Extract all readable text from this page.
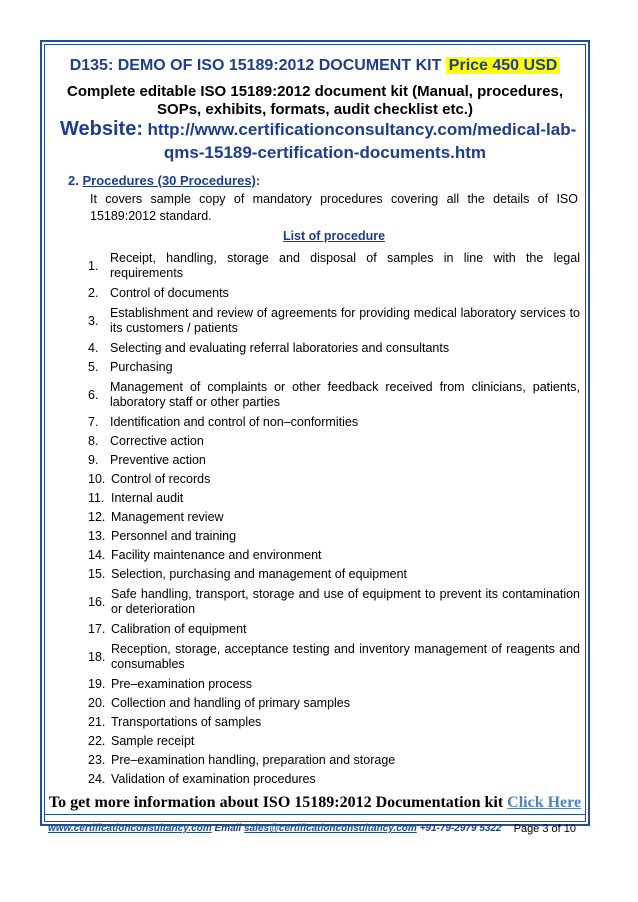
D135: DEMO OF ISO 15189:2012 DOCUMENT KIT Price 450 USD
Complete editable ISO 15189:2012 document kit (Manual, procedures,
SOPs, exhibits, formats, audit checklist etc.)
Website: http://www.certificationconsultancy.com/medical-lab-
qms-15189-certification-documents.htm
2. Procedures (30 Procedures):
It covers sample copy of mandatory procedures covering all the details of ISO 15189:2012 standard.
List of procedure
1.
Receipt, handling, storage and disposal of samples in line with the legal requirements
2. Control of documents
3.
Establishment and review of agreements for providing medical laboratory services to its customers / patients
4. Selecting and evaluating referral laboratories and consultants
5. Purchasing
6.
Management of complaints or other feedback received from clinicians, patients, laboratory staff or other parties
7. Identification and control of non–conformities
8. Corrective action
9. Preventive action
10. Control of records
11. Internal audit
12. Management review
13. Personnel and training
14. Facility maintenance and environment
15. Selection, purchasing and management of equipment
16.
Safe handling, transport, storage and use of equipment to prevent its contamination or deterioration
17. Calibration of equipment
18.
Reception, storage, acceptance testing and inventory management of reagents and consumables
19. Pre–examination process
20. Collection and handling of primary samples
21. Transportations of samples
22. Sample receipt
23. Pre–examination handling, preparation and storage
24. Validation of examination procedures
To get more information about ISO 15189:2012 Documentation kit Click Here
www.certificationconsultancy.com Email sales@certificationconsultancy.com +91-79-2979 5322 Page 3 of 10
